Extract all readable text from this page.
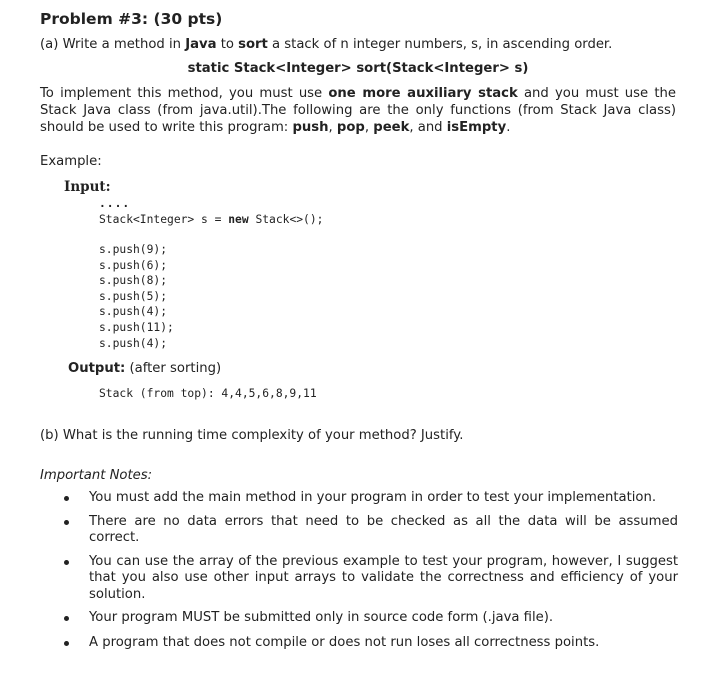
Problem #3: (30 pts)
(a) Write a method in Java to sort a stack of n integer numbers, s, in ascending order.
static Stack<Integer> sort(Stack<Integer> s)
To implement this method, you must use one more auxiliary stack and you must use the Stack Java class (from java.util).The following are the only functions (from Stack Java class) should be used to write this program: push, pop, peek, and isEmpty.
Example:
Input:
....
Stack<Integer> s = new Stack<>();
s.push(9);
s.push(6);
s.push(8);
s.push(5);
s.push(4);
s.push(11);
s.push(4);
Output: (after sorting)
Stack (from top): 4,4,5,6,8,9,11
(b) What is the running time complexity of your method? Justify.
Important Notes:
You must add the main method in your program in order to test your implementation.
There are no data errors that need to be checked as all the data will be assumed correct.
You can use the array of the previous example to test your program, however, I suggest that you also use other input arrays to validate the correctness and efficiency of your solution.
Your program MUST be submitted only in source code form (.java file).
A program that does not compile or does not run loses all correctness points.
